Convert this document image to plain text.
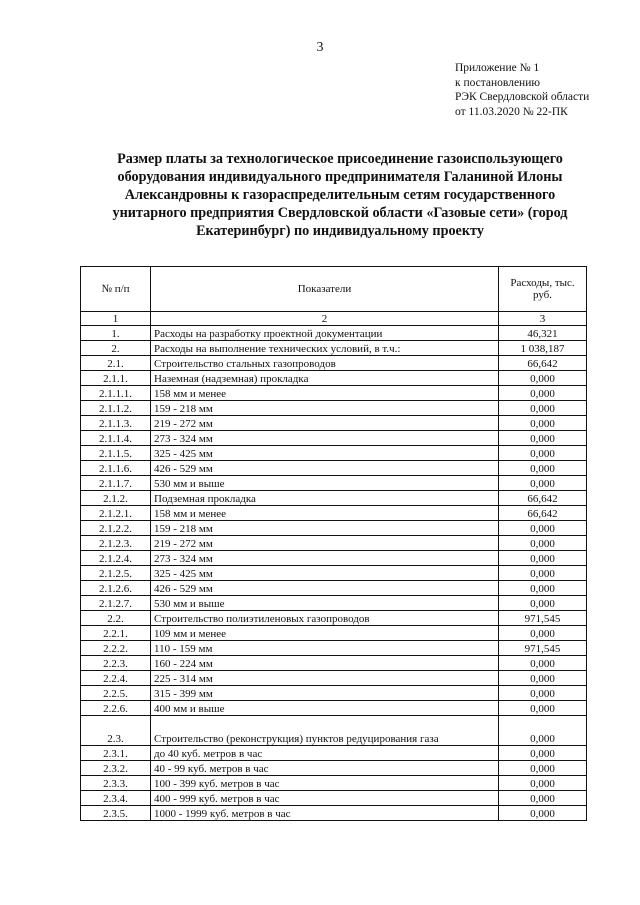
3
Приложение № 1
к постановлению
РЭК Свердловской области
от 11.03.2020 № 22-ПК
Размер платы за технологическое присоединение газоиспользующего оборудования индивидуального предпринимателя Галаниной Илоны Александровны к газораспределительным сетям государственного унитарного предприятия Свердловской области «Газовые сети» (город Екатеринбург) по индивидуальному проекту
№ п/п	Показатели	Расходы, тыс. руб.
1	2	3
1.	Расходы на разработку проектной документации	46,321
2.	Расходы на выполнение технических условий, в т.ч.:	1 038,187
2.1.	Строительство стальных газопроводов	66,642
2.1.1.	Наземная (надземная) прокладка	0,000
2.1.1.1.	158 мм и менее	0,000
2.1.1.2.	159 - 218 мм	0,000
2.1.1.3.	219 - 272 мм	0,000
2.1.1.4.	273 - 324 мм	0,000
2.1.1.5.	325 - 425 мм	0,000
2.1.1.6.	426 - 529 мм	0,000
2.1.1.7.	530 мм и выше	0,000
2.1.2.	Подземная прокладка	66,642
2.1.2.1.	158 мм и менее	66,642
2.1.2.2.	159 - 218 мм	0,000
2.1.2.3.	219 - 272 мм	0,000
2.1.2.4.	273 - 324 мм	0,000
2.1.2.5.	325 - 425 мм	0,000
2.1.2.6.	426 - 529 мм	0,000
2.1.2.7.	530 мм и выше	0,000
2.2.	Строительство полиэтиленовых газопроводов	971,545
2.2.1.	109 мм и менее	0,000
2.2.2.	110 - 159 мм	971,545
2.2.3.	160 - 224 мм	0,000
2.2.4.	225 - 314 мм	0,000
2.2.5.	315 - 399 мм	0,000
2.2.6.	400 мм и выше	0,000
2.3.	Строительство (реконструкция) пунктов редуцирования газа	0,000
2.3.1.	до 40 куб. метров в час	0,000
2.3.2.	40 - 99 куб. метров в час	0,000
2.3.3.	100 - 399 куб. метров в час	0,000
2.3.4.	400 - 999 куб. метров в час	0,000
2.3.5.	1000 - 1999 куб. метров в час	0,000
